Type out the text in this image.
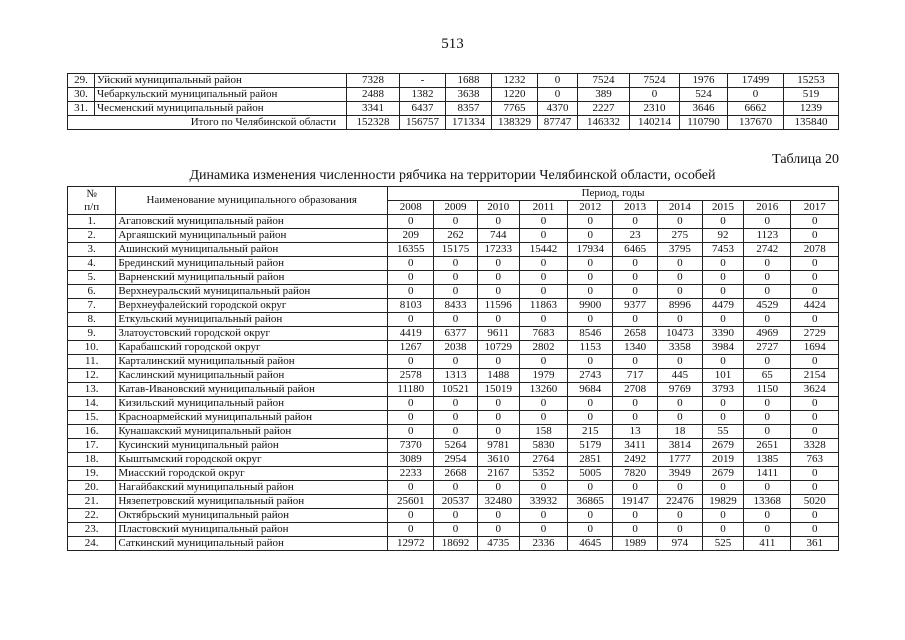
513
29.	Уйский муниципальный район	7328	-	1688	1232	0	7524	7524	1976	17499	15253
30.	Чебаркульский муниципальный район	2488	1382	3638	1220	0	389	0	524	0	519
31.	Чесменский муниципальный район	3341	6437	8357	7765	4370	2227	2310	3646	6662	1239
Итого по Челябинской области		152328	156757	171334	138329	87747	146332	140214	110790	137670	135840
Таблица 20
Динамика изменения численности рябчика на территории Челябинской области, особей
№
п/п	Наименование муниципального образования	Период, годы									
		2008	2009	2010	2011	2012	2013	2014	2015	2016	2017
1.	Агаповский муниципальный район	0	0	0	0	0	0	0	0	0	0
2.	Аргаяшский муниципальный район	209	262	744	0	0	23	275	92	1123	0
3.	Ашинский муниципальный район	16355	15175	17233	15442	17934	6465	3795	7453	2742	2078
4.	Брединский муниципальный район	0	0	0	0	0	0	0	0	0	0
5.	Варненский муниципальный район	0	0	0	0	0	0	0	0	0	0
6.	Верхнеуральский муниципальный район	0	0	0	0	0	0	0	0	0	0
7.	Верхнеуфалейский городской округ	8103	8433	11596	11863	9900	9377	8996	4479	4529	4424
8.	Еткульский муниципальный район	0	0	0	0	0	0	0	0	0	0
9.	Златоустовский городской округ	4419	6377	9611	7683	8546	2658	10473	3390	4969	2729
10.	Карабашский городской округ	1267	2038	10729	2802	1153	1340	3358	3984	2727	1694
11.	Карталинский муниципальный район	0	0	0	0	0	0	0	0	0	0
12.	Каслинский муниципальный район	2578	1313	1488	1979	2743	717	445	101	65	2154
13.	Катав-Ивановский муниципальный район	11180	10521	15019	13260	9684	2708	9769	3793	1150	3624
14.	Кизильский муниципальный район	0	0	0	0	0	0	0	0	0	0
15.	Красноармейский муниципальный район	0	0	0	0	0	0	0	0	0	0
16.	Кунашакский муниципальный район	0	0	0	158	215	13	18	55	0	0
17.	Кусинский муниципальный район	7370	5264	9781	5830	5179	3411	3814	2679	2651	3328
18.	Кыштымский городской округ	3089	2954	3610	2764	2851	2492	1777	2019	1385	763
19.	Миасский городской округ	2233	2668	2167	5352	5005	7820	3949	2679	1411	0
20.	Нагайбакский муниципальный район	0	0	0	0	0	0	0	0	0	0
21.	Нязепетровский муниципальный район	25601	20537	32480	33932	36865	19147	22476	19829	13368	5020
22.	Октябрьский муниципальный район	0	0	0	0	0	0	0	0	0	0
23.	Пластовский муниципальный район	0	0	0	0	0	0	0	0	0	0
24.	Саткинский муниципальный район	12972	18692	4735	2336	4645	1989	974	525	411	361
